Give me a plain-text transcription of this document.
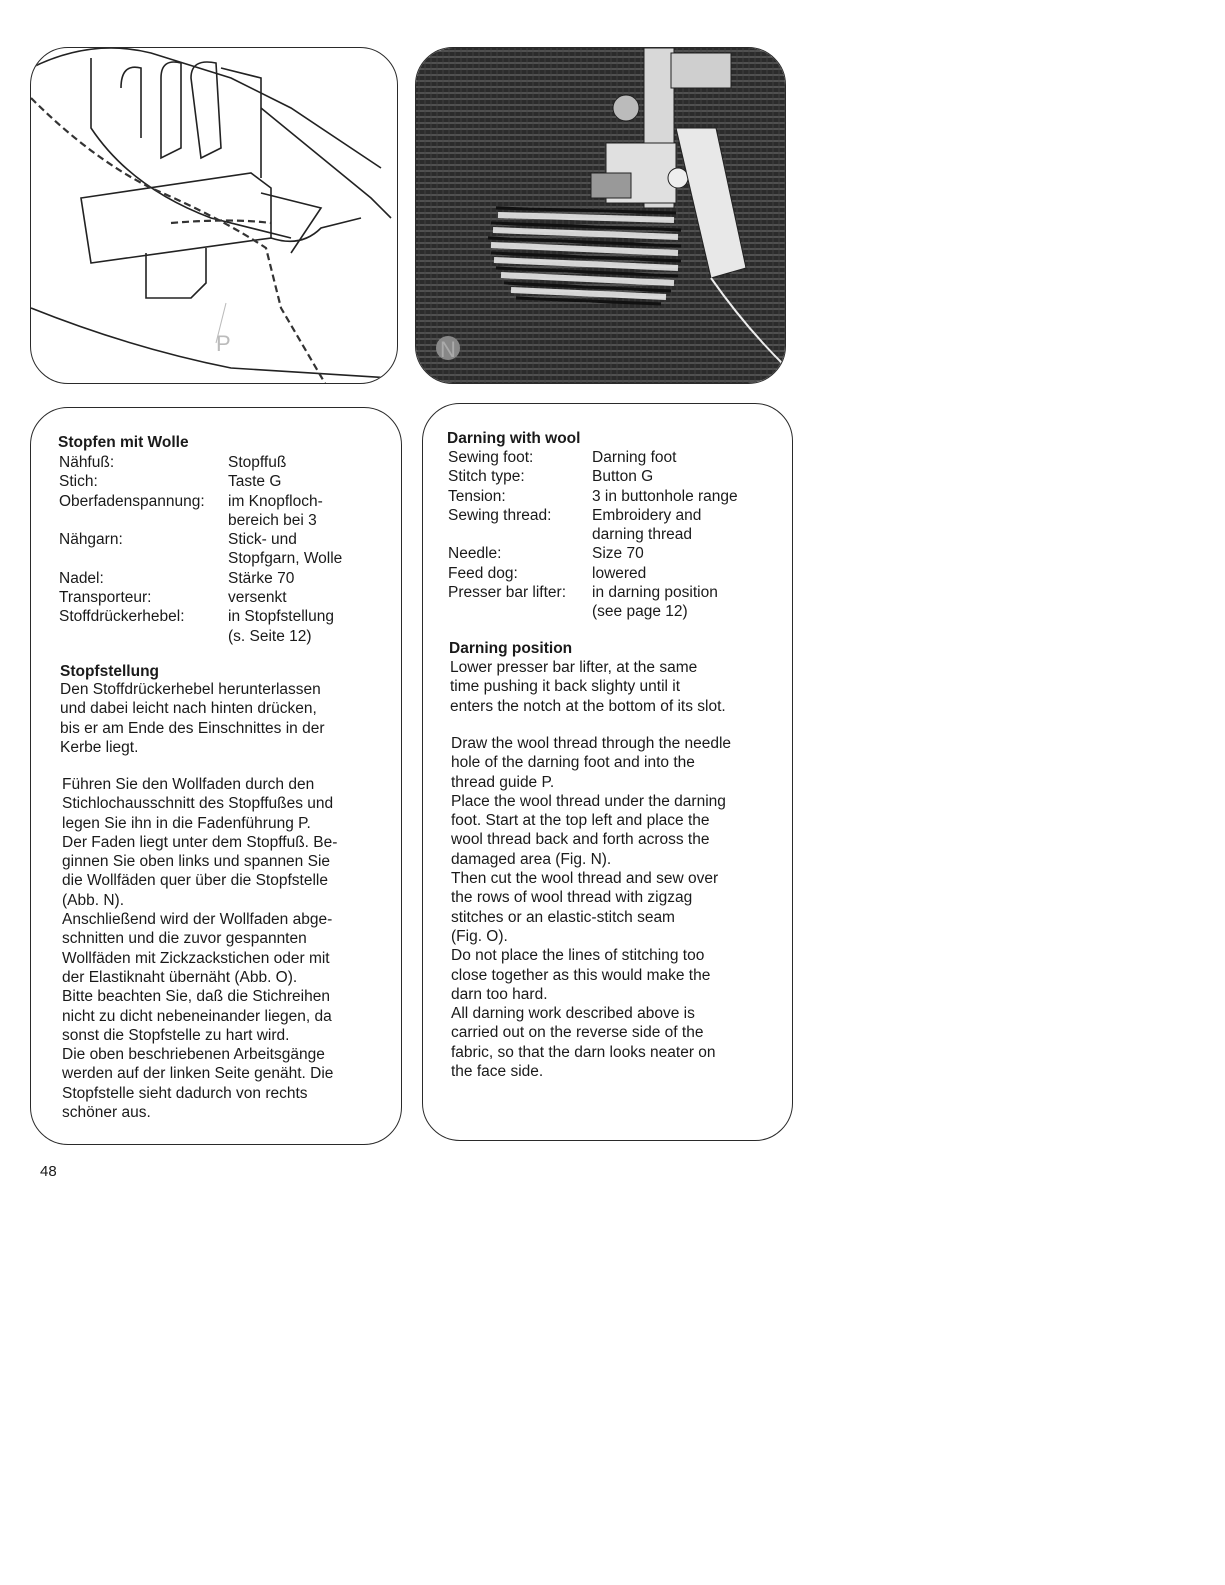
P	N
Stopfen mit Wolle
Nähfuß:	Stopffuß
Stich:	Taste G
Oberfadenspannung:	im Knopfloch-
bereich bei 3
Nähgarn:	Stick- und
Stopfgarn, Wolle
Nadel:	Stärke 70
Transporteur:	versenkt
Stoffdrückerhebel:	in Stopfstellung
(s. Seite 12)
Stopfstellung

Den Stoffdrückerhebel herunterlassen
und dabei leicht nach hinten drücken,
bis er am Ende des Einschnittes in der
Kerbe liegt.

Führen Sie den Wollfaden durch den
Stichlochausschnitt des Stopffußes und
legen Sie ihn in die Fadenführung P.
Der Faden liegt unter dem Stopffuß. Be-
ginnen Sie oben links und spannen Sie
die Wollfäden quer über die Stopfstelle
(Abb. N).
Anschließend wird der Wollfaden abge-
schnitten und die zuvor gespannten
Wollfäden mit Zickzackstichen oder mit
der Elastiknaht übernäht (Abb. O).
Bitte beachten Sie, daß die Stichreihen
nicht zu dicht nebeneinander liegen, da
sonst die Stopfstelle zu hart wird.
Die oben beschriebenen Arbeitsgänge
werden auf der linken Seite genäht. Die
Stopfstelle sieht dadurch von rechts
schöner aus.

Darning with wool
Sewing foot:	Darning foot
Stitch type:	Button G
Tension:	3 in buttonhole range
Sewing thread:	Embroidery and
darning thread
Needle:	Size 70
Feed dog:	lowered
Presser bar lifter:	in darning position
(see page 12)
Darning position

Lower presser bar lifter, at the same
time pushing it back slighty until it
enters the notch at the bottom of its slot.

Draw the wool thread through the needle
hole of the darning foot and into the
thread guide P.
Place the wool thread under the darning
foot. Start at the top left and place the
wool thread back and forth across the
damaged area (Fig. N).
Then cut the wool thread and sew over
the rows of wool thread with zigzag
stitches or an elastic-stitch seam
(Fig. O).
Do not place the lines of stitching too
close together as this would make the
darn too hard.
All darning work described above is
carried out on the reverse side of the
fabric, so that the darn looks neater on
the face side.

48
